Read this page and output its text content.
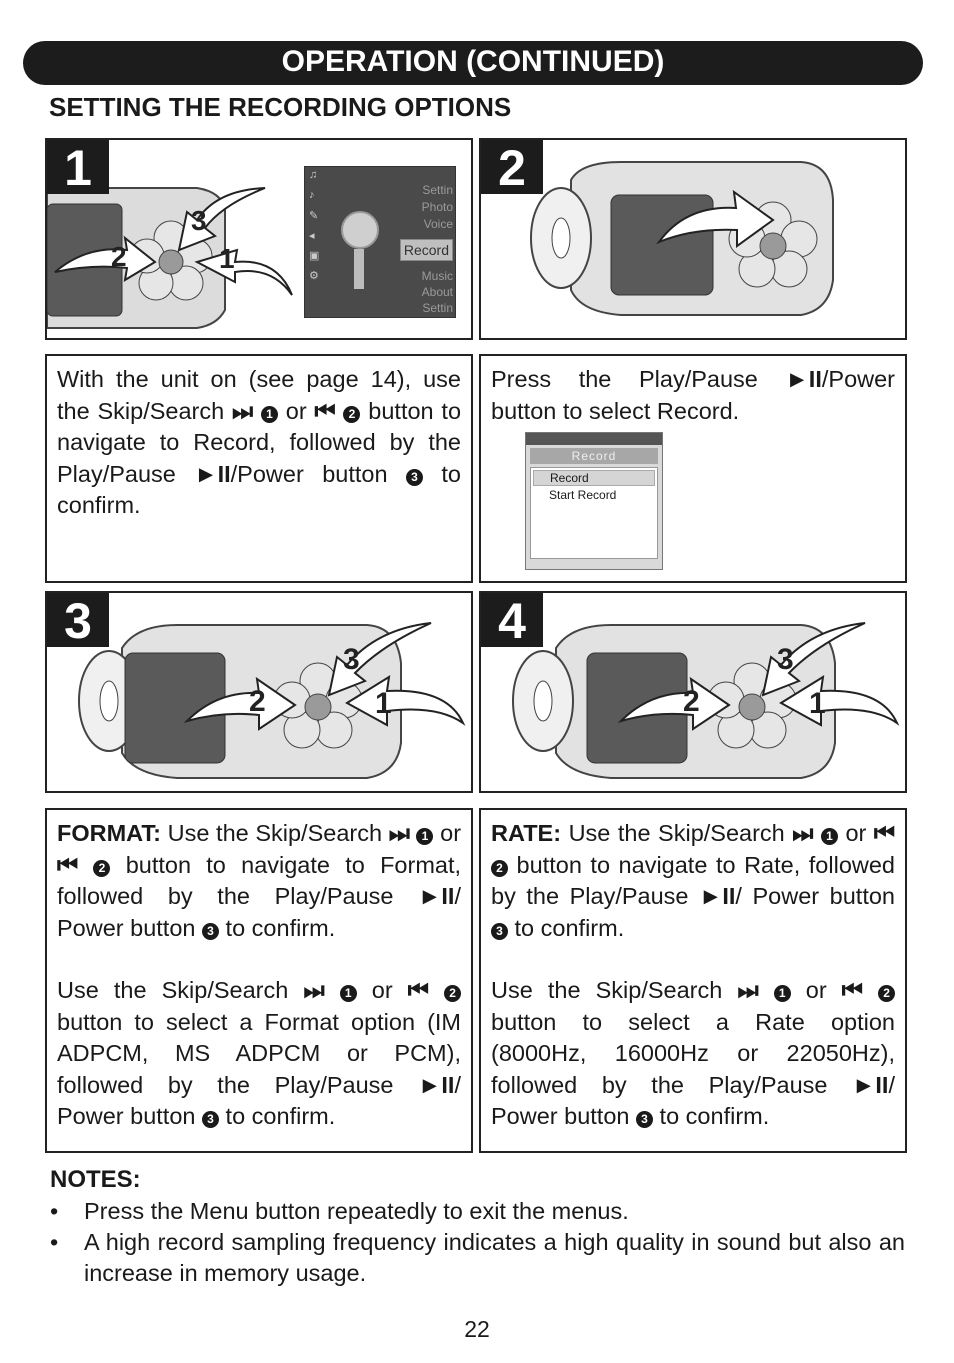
OPERATION (CONTINUED)
SETTING THE RECORDING OPTIONS
1
2	1
3
♫
♪
✎
◂
▣
⚙
Settin
Photo
Voice
Record
Music
About
Settin
2

With the unit on (see page 14), use the Skip/Search ⏭ 1 or ⏮ 2 button to navigate to Record, followed by the Play/Pause ►II/Power button 3 to confirm.

Press the Play/Pause ►II/Power button to select Record.

Record
Record
Start Record
3
2	1
3
4
2	1
3

FORMAT: Use the Skip/Search ⏭ 1 or ⏮ 2 button to navigate to Format, followed by the Play/Pause ►II/ Power button 3 to confirm.

Use the Skip/Search ⏭ 1 or ⏮ 2 button to select a Format option (IM ADPCM, MS ADPCM or PCM), followed by the Play/Pause ►II/ Power button 3 to confirm.

RATE: Use the Skip/Search ⏭ 1 or ⏮ 2 button to navigate to Rate, followed by the Play/Pause ►II/ Power button 3 to confirm.

Use the Skip/Search ⏭ 1 or ⏮ 2 button to select a Rate option (8000Hz, 16000Hz or 22050Hz), followed by the Play/Pause ►II/ Power button 3 to confirm.

NOTES:
• Press the Menu button repeatedly to exit the menus.
• A high record sampling frequency indicates a high quality in sound but also an increase in memory usage.
22
